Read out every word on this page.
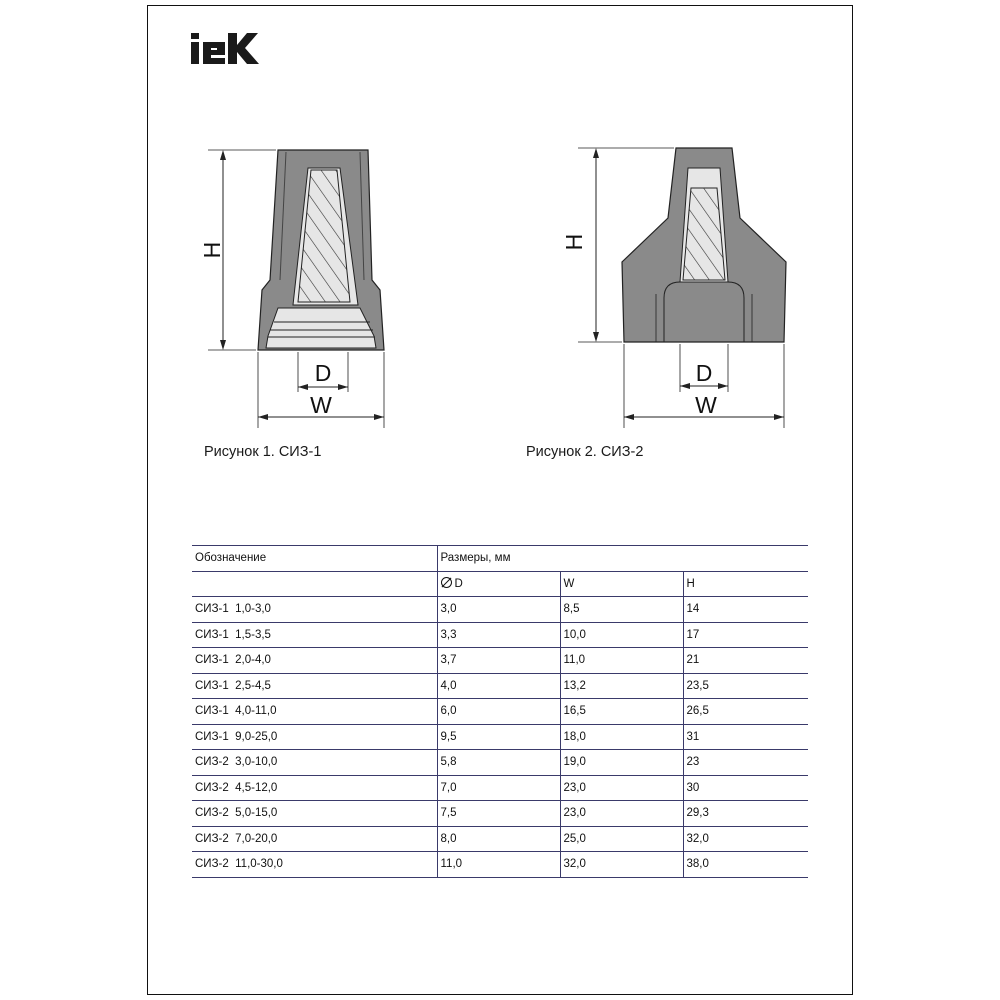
H
D
W
Рисунок 1. СИЗ-1
H
D
W
Рисунок 2. СИЗ-2
Обозначение	Размеры, мм		
	D	W	H
СИЗ-1  1,0-3,0	3,0	8,5	14
СИЗ-1  1,5-3,5	3,3	10,0	17
СИЗ-1  2,0-4,0	3,7	11,0	21
СИЗ-1  2,5-4,5	4,0	13,2	23,5
СИЗ-1  4,0-11,0	6,0	16,5	26,5
СИЗ-1  9,0-25,0	9,5	18,0	31
СИЗ-2  3,0-10,0	5,8	19,0	23
СИЗ-2  4,5-12,0	7,0	23,0	30
СИЗ-2  5,0-15,0	7,5	23,0	29,3
СИЗ-2  7,0-20,0	8,0	25,0	32,0
СИЗ-2  11,0-30,0	11,0	32,0	38,0
